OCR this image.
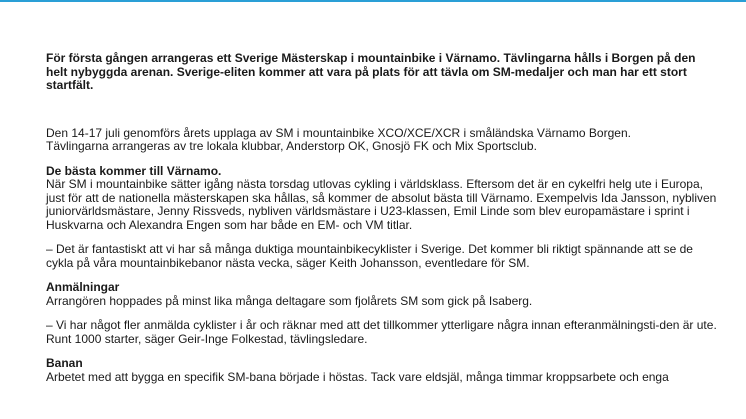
För första gången arrangeras ett Sverige Mästerskap i mountainbike i Värnamo. Tävlingarna hålls i Borgen på den helt nybyggda arenan. Sverige-eliten kommer att vara på plats för att tävla om SM-medaljer och man har ett stort startfält.

Den 14-17 juli genomförs årets upplaga av SM i mountainbike XCO/XCE/XCR i småländska Värnamo Borgen.

Tävlingarna arrangeras av tre lokala klubbar, Anderstorp OK, Gnosjö FK och Mix Sportsclub.

De bästa kommer till Värnamo.

När SM i mountainbike sätter igång nästa torsdag utlovas cykling i världsklass. Eftersom det är en cykelfri helg ute i Europa, just för att de nationella mästerskapen ska hållas, så kommer de absolut bästa till Värnamo. Exempelvis Ida Jansson, nybliven juniorvärldsmästare, Jenny Rissveds, nybliven världsmästare i U23-klassen, Emil Linde som blev europamästare i sprint i Huskvarna och Alexandra Engen som har både en EM- och VM titlar.

– Det är fantastiskt att vi har så många duktiga mountainbikecyklister i Sverige. Det kommer bli riktigt spännande att se de cykla på våra mountainbikebanor nästa vecka, säger Keith Johansson, eventledare för SM.

Anmälningar

Arrangören hoppades på minst lika många deltagare som fjolårets SM som gick på Isaberg.

– Vi har något fler anmälda cyklister i år och räknar med att det tillkommer ytterligare några innan efteranmälningsti-den är ute. Runt 1000 starter, säger Geir-Inge Folkestad, tävlingsledare.

Banan

Arbetet med att bygga en specifik SM-bana började i höstas. Tack vare eldsjäl, många timmar kroppsarbete och enga
